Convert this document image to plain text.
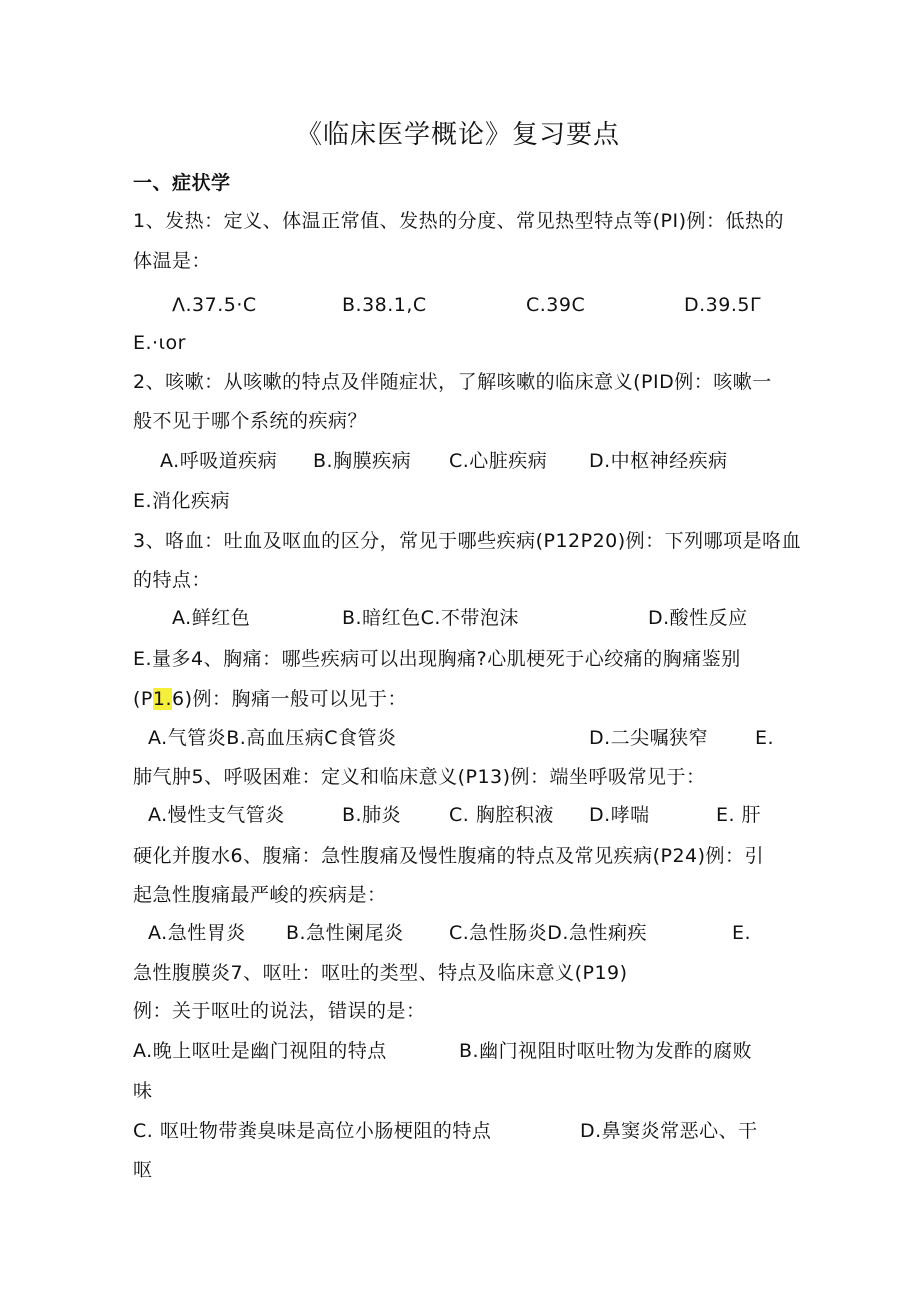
《临床医学概论》复习要点
一、症状学
1、发热：定义、体温正常值、发热的分度、常见热型特点等(PI)例：低热的
体温是：
Λ.37.5·C	B.38.1,C	C.39C	D.39.5Γ
E.·ιor
2、咳嗽：从咳嗽的特点及伴随症状，了解咳嗽的临床意义(PID例：咳嗽一
般不见于哪个系统的疾病？
A.呼吸道疾病 B.胸膜疾病 C.心脏疾病 D.中枢神经疾病
E.消化疾病
3、咯血：吐血及呕血的区分，常见于哪些疾病(P12P20)例：下列哪项是咯血
的特点：
A.鲜红色	B.暗红色C.不带泡沫	D.酸性反应
E.量多4、胸痛：哪些疾病可以出现胸痛?心肌梗死于心绞痛的胸痛鉴别
(P1.6)例：胸痛一般可以见于：
A.气管炎B.高血压病C食管炎	D.二尖嘱狭窄 E.
肺气肿5、呼吸困难：定义和临床意义(P13)例：端坐呼吸常见于：
A.慢性支气管炎	B.肺炎	C. 胸腔积液 D.哮喘	E. 肝
硬化并腹水6、腹痛：急性腹痛及慢性腹痛的特点及常见疾病(P24)例：引
起急性腹痛最严峻的疾病是：
A.急性胃炎 B.急性阑尾炎 C.急性肠炎D.急性痢疾	E.
急性腹膜炎7、呕吐：呕吐的类型、特点及临床意义(P19)
例：关于呕吐的说法，错误的是：
A.晚上呕吐是幽门视阻的特点	B.幽门视阻时呕吐物为发酢的腐败
味
C. 呕吐物带粪臭味是高位小肠梗阻的特点	D.鼻窦炎常恶心、干
呕
